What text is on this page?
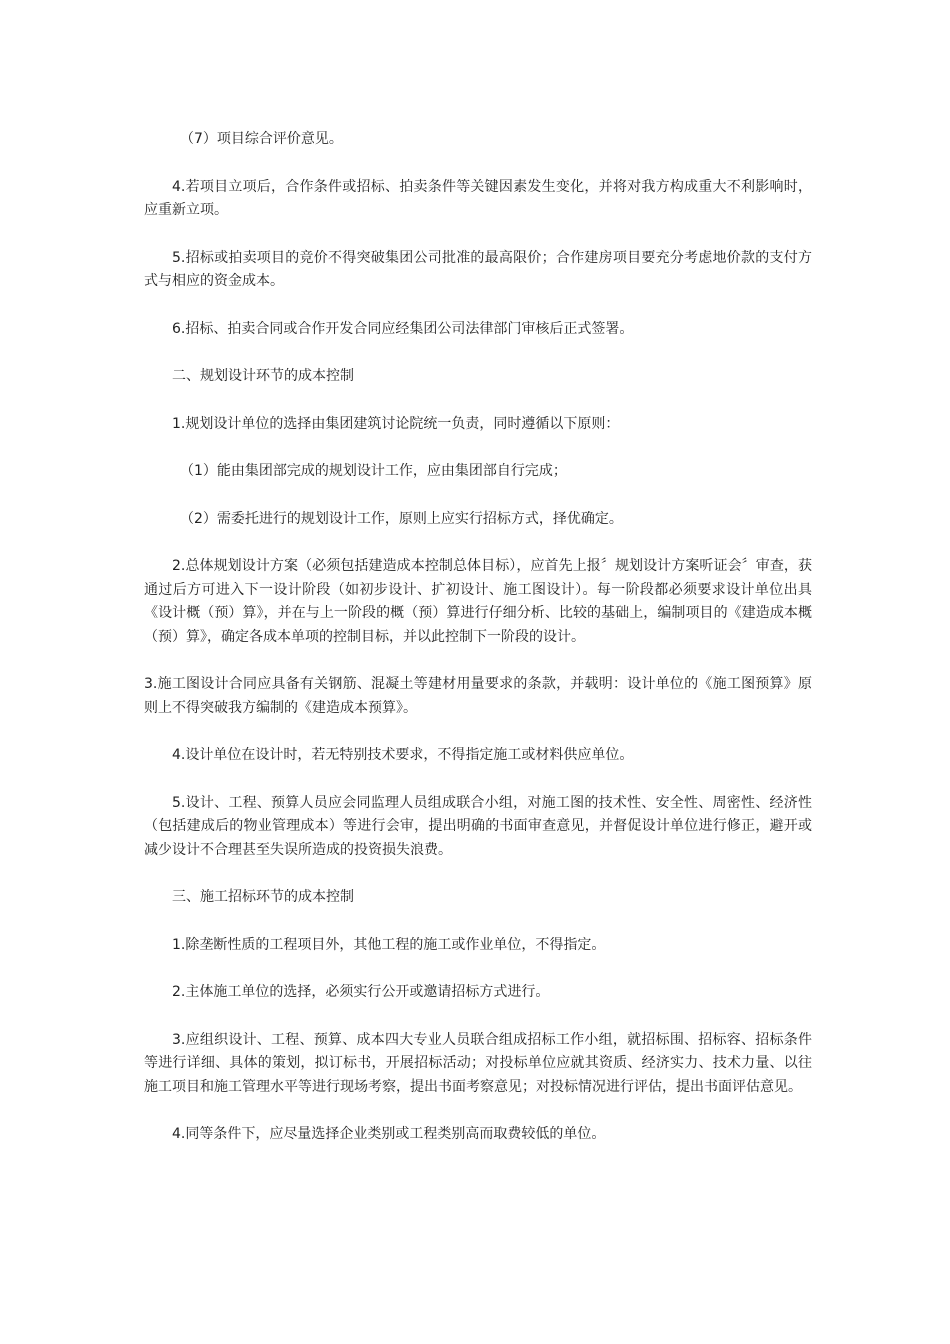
（7）项目综合评价意见。

4.若项目立项后，合作条件或招标、拍卖条件等关键因素发生变化，并将对我方构成重大不利影响时，应重新立项。

5.招标或拍卖项目的竞价不得突破集团公司批准的最高限价；合作建房项目要充分考虑地价款的支付方式与相应的资金成本。

6.招标、拍卖合同或合作开发合同应经集团公司法律部门审核后正式签署。

二、规划设计环节的成本控制

1.规划设计单位的选择由集团建筑讨论院统一负责，同时遵循以下原则：

（1）能由集团部完成的规划设计工作，应由集团部自行完成；

（2）需委托进行的规划设计工作，原则上应实行招标方式，择优确定。

2.总体规划设计方案（必须包括建造成本控制总体目标），应首先上报〞规划设计方案听证会〞审查，获通过后方可进入下一设计阶段（如初步设计、扩初设计、施工图设计）。每一阶段都必须要求设计单位出具《设计概（预）算》，并在与上一阶段的概（预）算进行仔细分析、比较的基础上，编制项目的《建造成本概（预）算》，确定各成本单项的控制目标，并以此控制下一阶段的设计。

3.施工图设计合同应具备有关钢筋、混凝土等建材用量要求的条款，并载明：设计单位的《施工图预算》原则上不得突破我方编制的《建造成本预算》。

4.设计单位在设计时，若无特别技术要求，不得指定施工或材料供应单位。

5.设计、工程、预算人员应会同监理人员组成联合小组，对施工图的技术性、安全性、周密性、经济性（包括建成后的物业管理成本）等进行会审，提出明确的书面审查意见，并督促设计单位进行修正，避开或减少设计不合理甚至失误所造成的投资损失浪费。

三、施工招标环节的成本控制

1.除垄断性质的工程项目外，其他工程的施工或作业单位，不得指定。

2.主体施工单位的选择，必须实行公开或邀请招标方式进行。

3.应组织设计、工程、预算、成本四大专业人员联合组成招标工作小组，就招标围、招标容、招标条件等进行详细、具体的策划，拟订标书，开展招标活动；对投标单位应就其资质、经济实力、技术力量、以往施工项目和施工管理水平等进行现场考察，提出书面考察意见；对投标情况进行评估，提出书面评估意见。

4.同等条件下，应尽量选择企业类别或工程类别高而取费较低的单位。
